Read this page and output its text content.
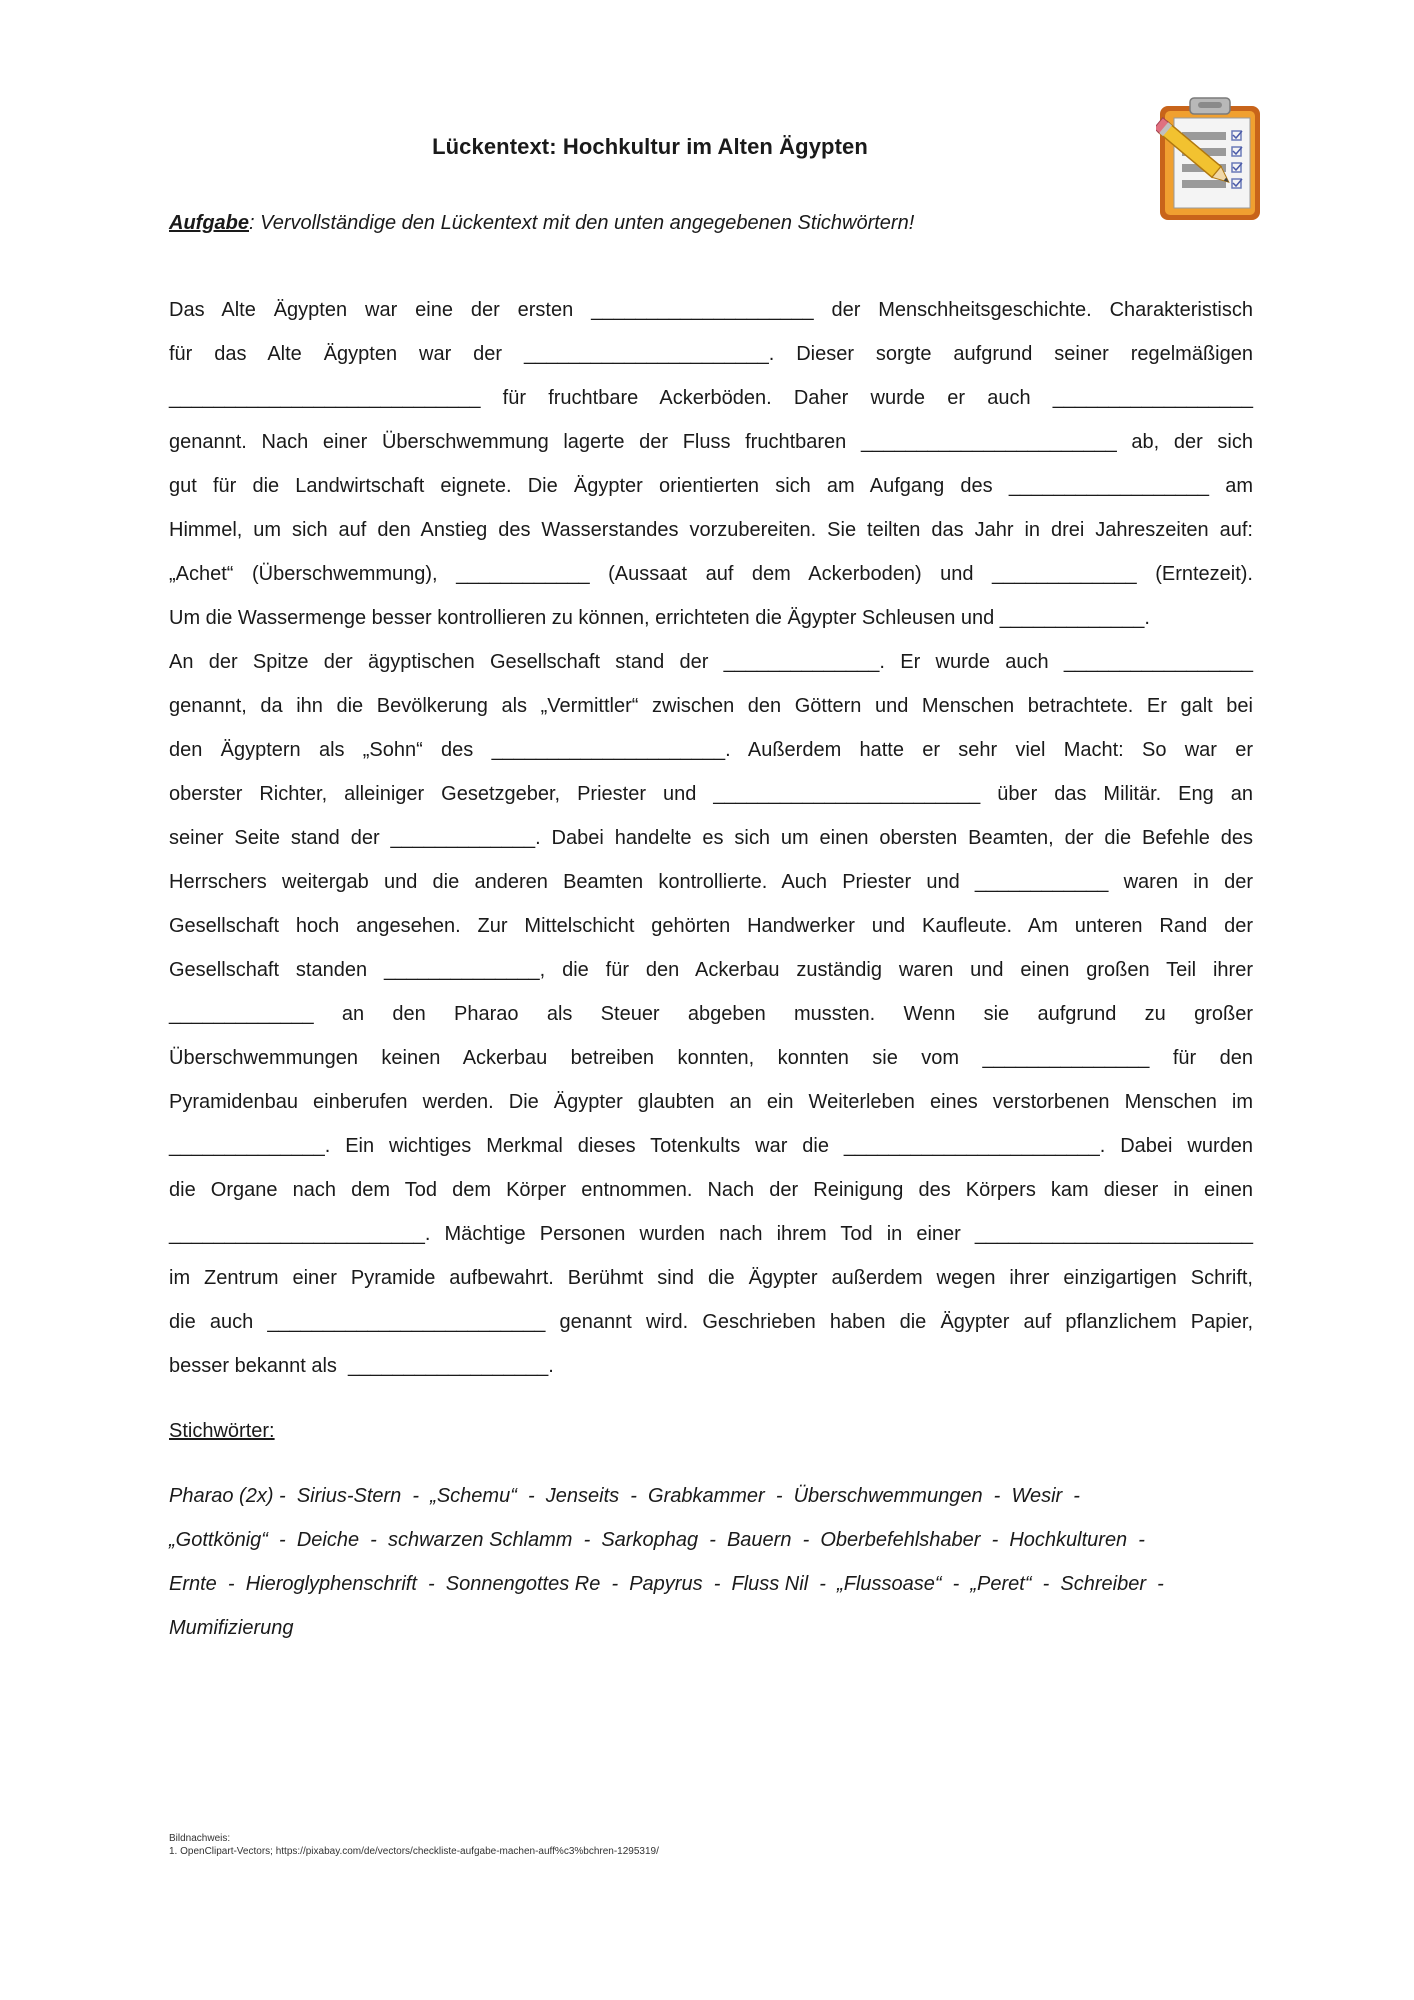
Lückentext: Hochkultur im Alten Ägypten
Aufgabe: Vervollständige den Lückentext mit den unten angegebenen Stichwörtern!
Das Alte Ägypten war eine der ersten ____________________ der Menschheitsgeschichte. Charakteristisch
für das Alte Ägypten war der ______________________. Dieser sorgte aufgrund seiner regelmäßigen
____________________________ für fruchtbare Ackerböden. Daher wurde er auch __________________
genannt. Nach einer Überschwemmung lagerte der Fluss fruchtbaren _______________________ ab, der sich
gut für die Landwirtschaft eignete. Die Ägypter orientierten sich am Aufgang des __________________ am
Himmel, um sich auf den Anstieg des Wasserstandes vorzubereiten. Sie teilten das Jahr in drei Jahreszeiten auf:
„Achet“ (Überschwemmung), ____________ (Aussaat auf dem Ackerboden) und _____________ (Erntezeit).
Um die Wassermenge besser kontrollieren zu können, errichteten die Ägypter Schleusen und _____________.
An der Spitze der ägyptischen Gesellschaft stand der ______________. Er wurde auch _________________
genannt, da ihn die Bevölkerung als „Vermittler“ zwischen den Göttern und Menschen betrachtete. Er galt bei
den Ägyptern als „Sohn“ des _____________________. Außerdem hatte er sehr viel Macht: So war er
oberster Richter, alleiniger Gesetzgeber, Priester und ________________________ über das Militär. Eng an
seiner Seite stand der _____________. Dabei handelte es sich um einen obersten Beamten, der die Befehle des
Herrschers weitergab und die anderen Beamten kontrollierte. Auch Priester und ____________ waren in der
Gesellschaft hoch angesehen. Zur Mittelschicht gehörten Handwerker und Kaufleute. Am unteren Rand der
Gesellschaft standen ______________, die für den Ackerbau zuständig waren und einen großen Teil ihrer
_____________ an den Pharao als Steuer abgeben mussten. Wenn sie aufgrund zu großer
Überschwemmungen keinen Ackerbau betreiben konnten, konnten sie vom _______________ für den
Pyramidenbau einberufen werden. Die Ägypter glaubten an ein Weiterleben eines verstorbenen Menschen im
______________. Ein wichtiges Merkmal dieses Totenkults war die _______________________. Dabei wurden
die Organe nach dem Tod dem Körper entnommen. Nach der Reinigung des Körpers kam dieser in einen
_______________________. Mächtige Personen wurden nach ihrem Tod in einer _________________________
im Zentrum einer Pyramide aufbewahrt. Berühmt sind die Ägypter außerdem wegen ihrer einzigartigen Schrift,
die auch _________________________ genannt wird. Geschrieben haben die Ägypter auf pflanzlichem Papier,
besser bekannt als  __________________.
Stichwörter:
Pharao (2x) -  Sirius-Stern  -  „Schemu“  -  Jenseits  -  Grabkammer  -  Überschwemmungen  -  Wesir  -
„Gottkönig“  -  Deiche  -  schwarzen Schlamm  -  Sarkophag  -  Bauern  -  Oberbefehlshaber  -  Hochkulturen  -
Ernte  -  Hieroglyphenschrift  -  Sonnengottes Re  -  Papyrus  -  Fluss Nil  -  „Flussoase“  -  „Peret“  -  Schreiber  -
Mumifizierung
Bildnachweis:
1. OpenClipart-Vectors; https://pixabay.com/de/vectors/checkliste-aufgabe-machen-auff%c3%bchren-1295319/
